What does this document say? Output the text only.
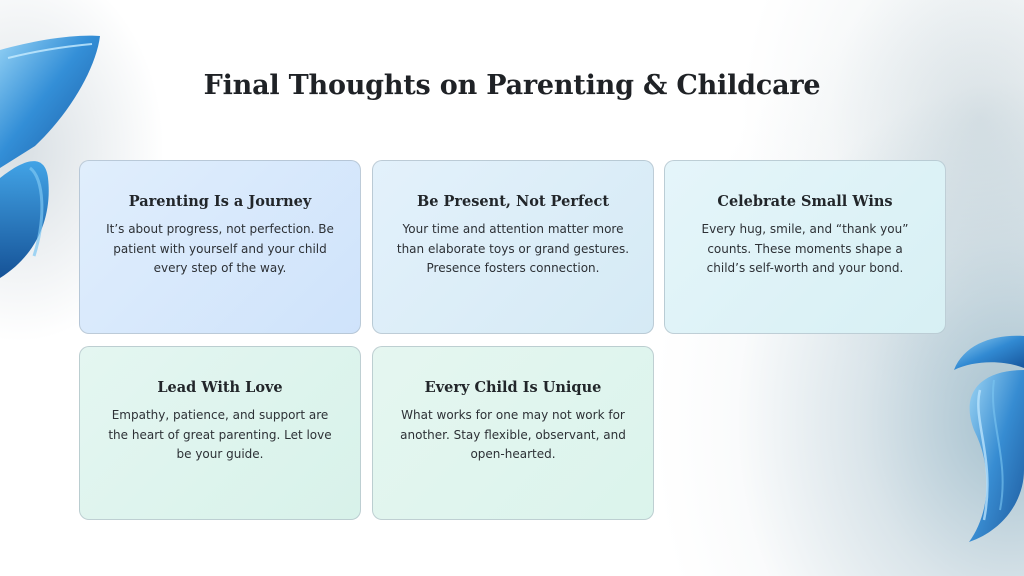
Final Thoughts on Parenting & Childcare
Parenting Is a Journey

It’s about progress, not perfection. Be patient with yourself and your child every step of the way.

Be Present, Not Perfect

Your time and attention matter more than elaborate toys or grand gestures. Presence fosters connection.

Celebrate Small Wins

Every hug, smile, and “thank you” counts. These moments shape a child’s self-worth and your bond.

Lead With Love

Empathy, patience, and support are the heart of great parenting. Let love be your guide.

Every Child Is Unique

What works for one may not work for another. Stay flexible, observant, and open-hearted.
